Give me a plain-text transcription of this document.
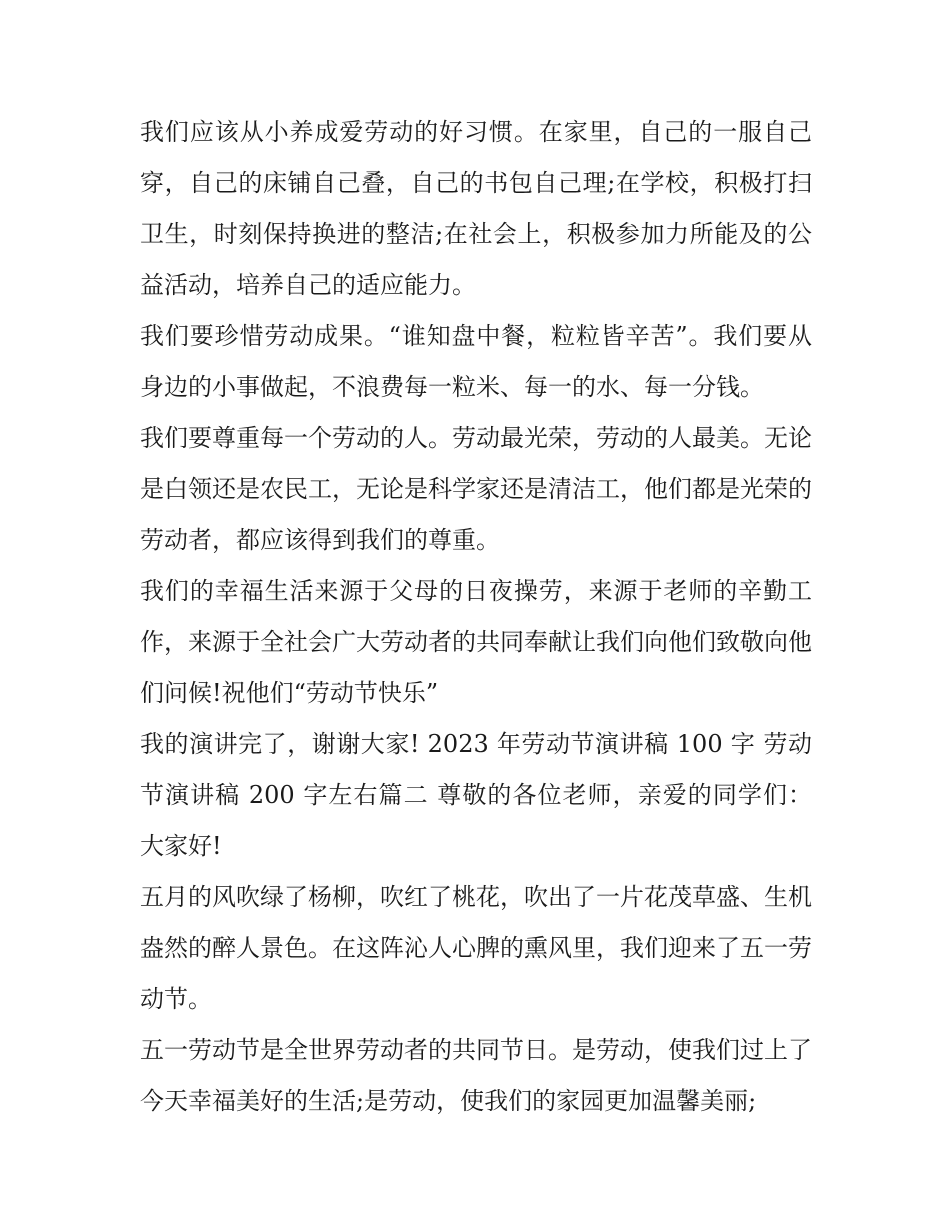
我们应该从小养成爱劳动的好习惯。在家里，自己的一服自己穿，自己的床铺自己叠，自己的书包自己理;在学校，积极打扫卫生，时刻保持换进的整洁;在社会上，积极参加力所能及的公益活动，培养自己的适应能力。

我们要珍惜劳动成果。“谁知盘中餐，粒粒皆辛苦”。我们要从身边的小事做起，不浪费每一粒米、每一的水、每一分钱。

我们要尊重每一个劳动的人。劳动最光荣，劳动的人最美。无论是白领还是农民工，无论是科学家还是清洁工，他们都是光荣的劳动者，都应该得到我们的尊重。

我们的幸福生活来源于父母的日夜操劳，来源于老师的辛勤工作，来源于全社会广大劳动者的共同奉献让我们向他们致敬向他们问候!祝他们“劳动节快乐”

我的演讲完了，谢谢大家! 2023 年劳动节演讲稿 100 字 劳动节演讲稿 200 字左右篇二 尊敬的各位老师，亲爱的同学们： 大家好!

五月的风吹绿了杨柳，吹红了桃花，吹出了一片花茂草盛、生机盎然的醉人景色。在这阵沁人心脾的熏风里，我们迎来了五一劳动节。

五一劳动节是全世界劳动者的共同节日。是劳动，使我们过上了今天幸福美好的生活;是劳动，使我们的家园更加温馨美丽;
